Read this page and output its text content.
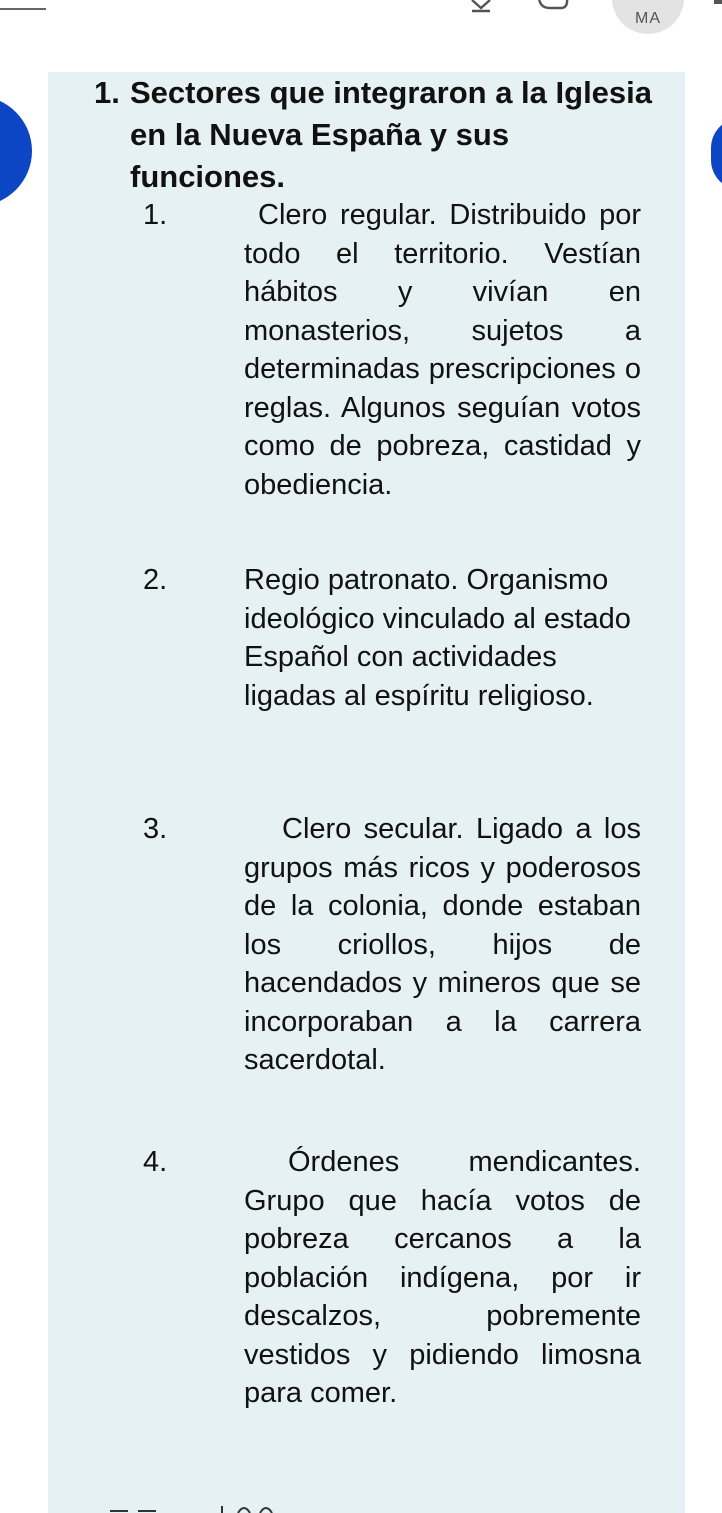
MA
1. Sectores que integraron a la Iglesia en la Nueva España y sus funciones.
1.	Clero regular. Distribuido por todo el territorio. Vestían hábitos y vivían en monasterios, sujetos a determinadas prescripciones o reglas. Algunos seguían votos como de pobreza, castidad y obediencia.
2.	Regio patronato. Organismo ideológico vinculado al estado Español con actividades ligadas al espíritu religioso.
3.	Clero secular. Ligado a los grupos más ricos y poderosos de la colonia, donde estaban los criollos, hijos de hacendados y mineros que se incorporaban a la carrera sacerdotal.
4.	Órdenes mendicantes. Grupo que hacía votos de pobreza cercanos a la población indígena, por ir descalzos, pobremente vestidos y pidiendo limosna para comer.
